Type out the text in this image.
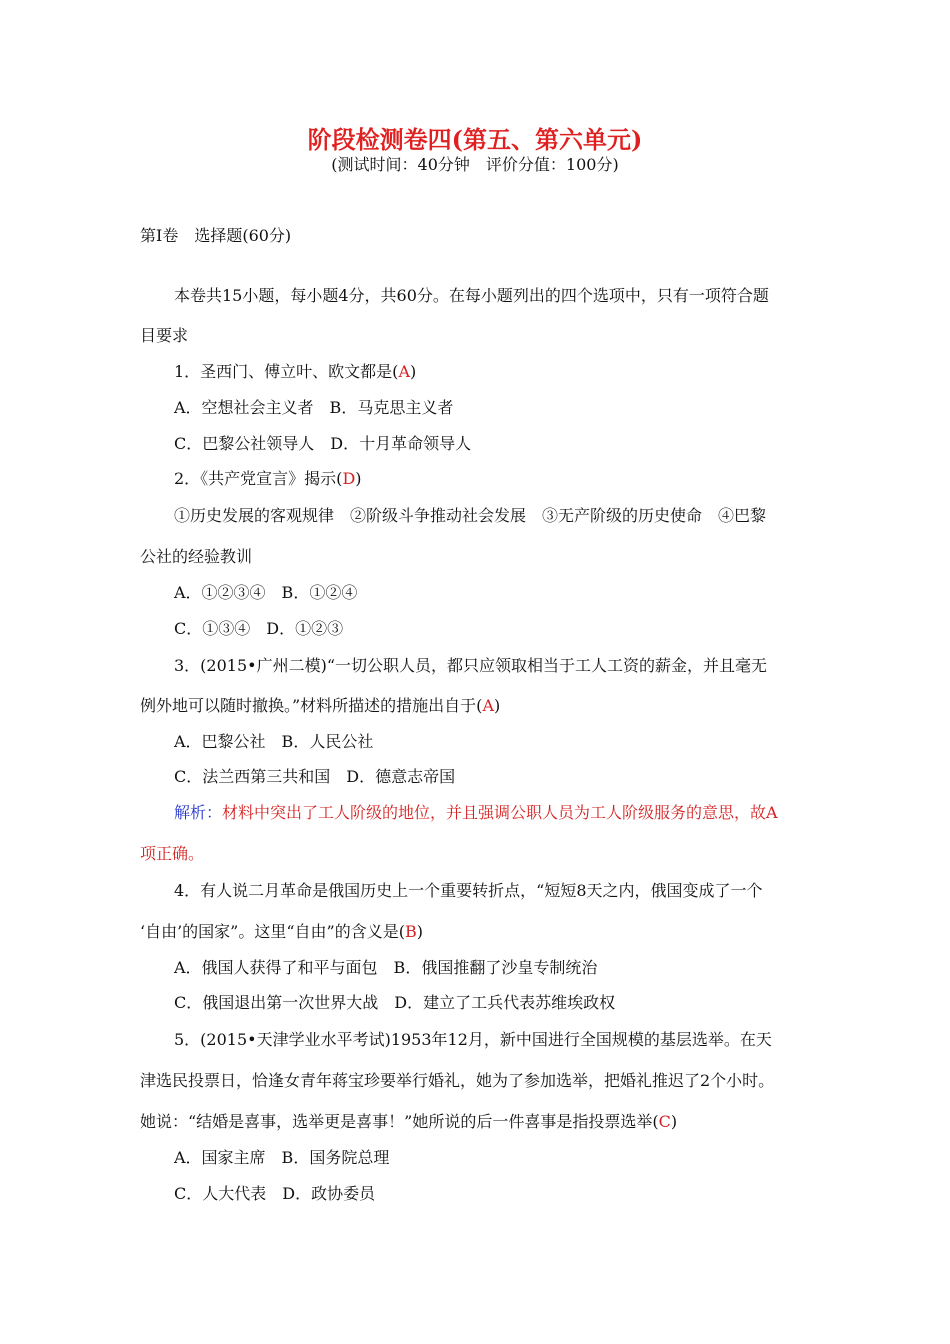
阶段检测卷四(第五、第六单元)
(测试时间：40分钟　评价分值：100分)
第Ⅰ卷　选择题(60分)
本卷共15小题，每小题4分，共60分。在每小题列出的四个选项中，只有一项符合题
目要求
1．圣西门、傅立叶、欧文都是(A)
A．空想社会主义者　B．马克思主义者
C．巴黎公社领导人　D．十月革命领导人
2．《共产党宣言》揭示(D)
①历史发展的客观规律　②阶级斗争推动社会发展　③无产阶级的历史使命　④巴黎
公社的经验教训
A．①②③④　B．①②④
C．①③④　D．①②③
3．(2015•广州二模)“一切公职人员，都只应领取相当于工人工资的薪金，并且毫无
例外地可以随时撤换。”材料所描述的措施出自于(A)
A．巴黎公社　B．人民公社
C．法兰西第三共和国　D．德意志帝国
解析：材料中突出了工人阶级的地位，并且强调公职人员为工人阶级服务的意思，故A
项正确。
4．有人说二月革命是俄国历史上一个重要转折点，“短短8天之内，俄国变成了一个
‘自由’的国家”。这里“自由”的含义是(B)
A．俄国人获得了和平与面包　B．俄国推翻了沙皇专制统治
C．俄国退出第一次世界大战　D．建立了工兵代表苏维埃政权
5．(2015•天津学业水平考试)1953年12月，新中国进行全国规模的基层选举。在天
津选民投票日，恰逢女青年蒋宝珍要举行婚礼，她为了参加选举，把婚礼推迟了2个小时。
她说：“结婚是喜事，选举更是喜事！”她所说的后一件喜事是指投票选举(C)
A．国家主席　B．国务院总理
C．人大代表　D．政协委员
